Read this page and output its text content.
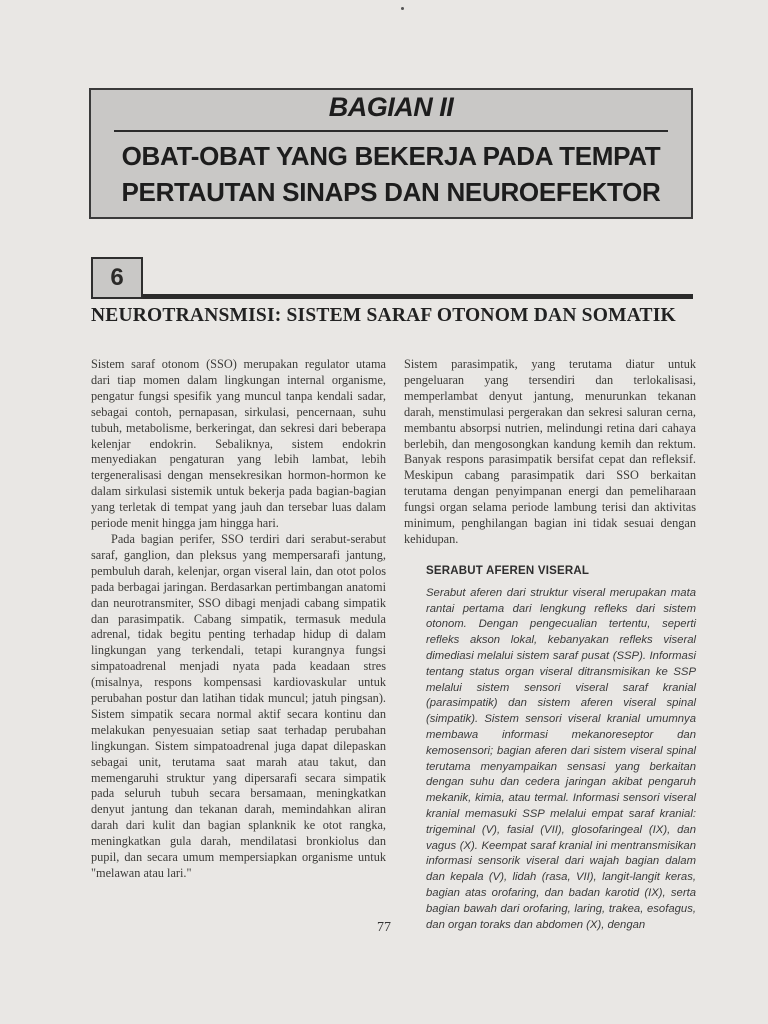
BAGIAN II
OBAT-OBAT YANG BEKERJA PADA TEMPAT
PERTAUTAN SINAPS DAN NEUROEFEKTOR
6
NEUROTRANSMISI: SISTEM SARAF OTONOM DAN SOMATIK

Sistem saraf otonom (SSO) merupakan regulator utama dari tiap momen dalam lingkungan internal organisme, pengatur fungsi spesifik yang muncul tanpa kendali sadar, sebagai contoh, pernapasan, sirkulasi, pencernaan, suhu tubuh, metabolisme, berkeringat, dan sekresi dari beberapa kelenjar endokrin. Sebaliknya, sistem endokrin menyediakan pengaturan yang lebih lambat, lebih tergeneralisasi dengan mensekresikan hormon-hormon ke dalam sirkulasi sistemik untuk bekerja pada bagian-bagian yang terletak di tempat yang jauh dan tersebar luas dalam periode menit hingga jam hingga hari.

Pada bagian perifer, SSO terdiri dari serabut-serabut saraf, ganglion, dan pleksus yang mempersarafi jantung, pembuluh darah, kelenjar, organ viseral lain, dan otot polos pada berbagai jaringan. Berdasarkan pertimbangan anatomi dan neurotransmiter, SSO dibagi menjadi cabang simpatik dan parasimpatik. Cabang simpatik, termasuk medula adrenal, tidak begitu penting terhadap hidup di dalam lingkungan yang terkendali, tetapi kurangnya fungsi simpatoadrenal menjadi nyata pada keadaan stres (misalnya, respons kompensasi kardiovaskular untuk perubahan postur dan latihan tidak muncul; jatuh pingsan). Sistem simpatik secara normal aktif secara kontinu dan melakukan penyesuaian setiap saat terhadap perubahan lingkungan. Sistem simpatoadrenal juga dapat dilepaskan sebagai unit, terutama saat marah atau takut, dan memengaruhi struktur yang dipersarafi secara simpatik pada seluruh tubuh secara bersamaan, meningkatkan denyut jantung dan tekanan darah, memindahkan aliran darah dari kulit dan bagian splanknik ke otot rangka, meningkatkan gula darah, mendilatasi bronkiolus dan pupil, dan secara umum mempersiapkan organisme untuk "melawan atau lari."

Sistem parasimpatik, yang terutama diatur untuk pengeluaran yang tersendiri dan terlokalisasi, memperlambat denyut jantung, menurunkan tekanan darah, menstimulasi pergerakan dan sekresi saluran cerna, membantu absorpsi nutrien, melindungi retina dari cahaya berlebih, dan mengosongkan kandung kemih dan rektum. Banyak respons parasimpatik bersifat cepat dan refleksif. Meskipun cabang parasimpatik dari SSO berkaitan terutama dengan penyimpanan energi dan pemeliharaan fungsi organ selama periode lambung terisi dan aktivitas minimum, penghilangan bagian ini tidak sesuai dengan kehidupan.

SERABUT AFEREN VISERAL
Serabut aferen dari struktur viseral merupakan mata rantai pertama dari lengkung refleks dari sistem otonom. Dengan pengecualian tertentu, seperti refleks akson lokal, kebanyakan refleks viseral dimediasi melalui sistem saraf pusat (SSP). Informasi tentang status organ viseral ditransmisikan ke SSP melalui sistem sensori viseral saraf kranial (parasimpatik) dan sistem aferen viseral spinal (simpatik). Sistem sensori viseral kranial umumnya membawa informasi mekanoreseptor dan kemosensori; bagian aferen dari sistem viseral spinal terutama menyampaikan sensasi yang berkaitan dengan suhu dan cedera jaringan akibat pengaruh mekanik, kimia, atau termal. Informasi sensori viseral kranial memasuki SSP melalui empat saraf kranial: trigeminal (V), fasial (VII), glosofaringeal (IX), dan vagus (X). Keempat saraf kranial ini mentransmisikan informasi sensorik viseral dari wajah bagian dalam dan kepala (V), lidah (rasa, VII), langit-langit keras, bagian atas orofaring, dan badan karotid (IX), serta bagian bawah dari orofaring, laring, trakea, esofagus, dan organ toraks dan abdomen (X), dengan
77
